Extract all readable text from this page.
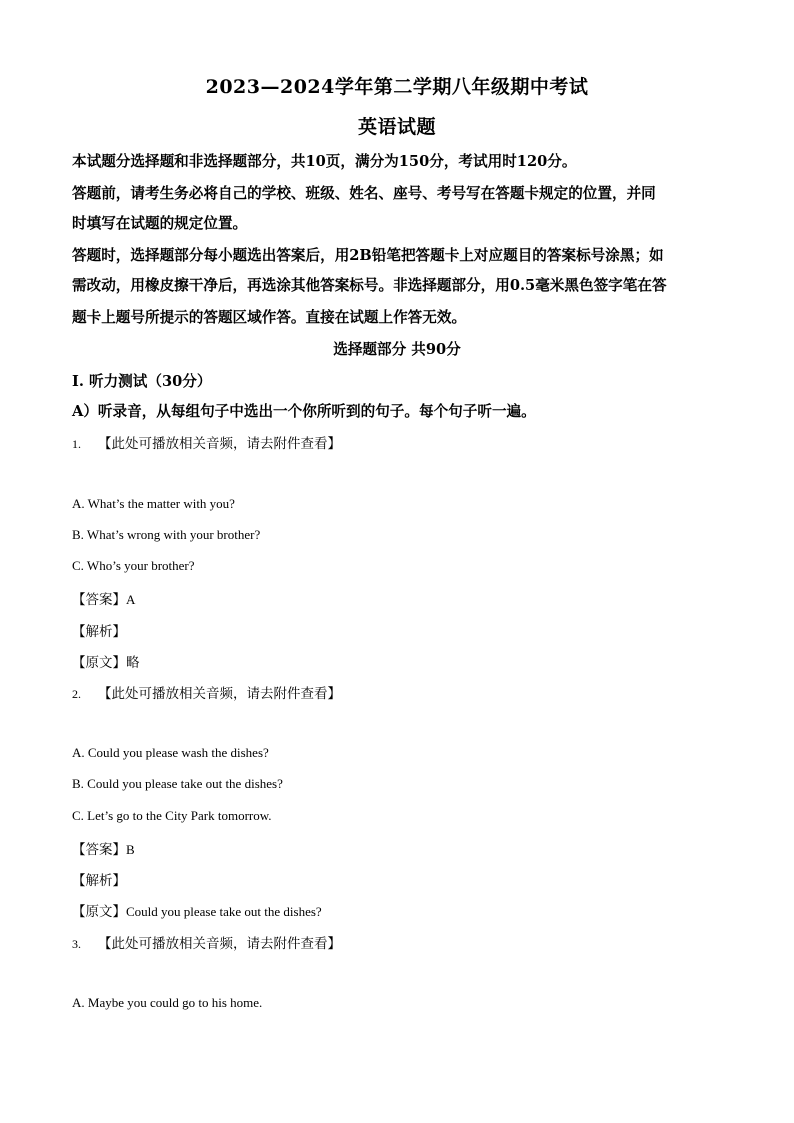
2023—2024学年第二学期八年级期中考试
英语试题
本试题分选择题和非选择题部分，共10页，满分为150分，考试用时120分。
答题前，请考生务必将自己的学校、班级、姓名、座号、考号写在答题卡规定的位置，并同
时填写在试题的规定位置。
答题时，选择题部分每小题选出答案后，用2B铅笔把答题卡上对应题目的答案标号涂黑；如
需改动，用橡皮擦干净后，再选涂其他答案标号。非选择题部分，用0.5毫米黑色签字笔在答
题卡上题号所提示的答题区域作答。直接在试题上作答无效。
选择题部分 共90分
Ⅰ. 听力测试（30分）
A）听录音，从每组句子中选出一个你所听到的句子。每个句子听一遍。
1. 【此处可播放相关音频，请去附件查看】
A. What’s the matter with you?
B. What’s wrong with your brother?
C. Who’s your brother?
【答案】A
【解析】
【原文】略
2. 【此处可播放相关音频，请去附件查看】
A. Could you please wash the dishes?
B. Could you please take out the dishes?
C. Let’s go to the City Park tomorrow.
【答案】B
【解析】
【原文】Could you please take out the dishes?
3. 【此处可播放相关音频，请去附件查看】
A. Maybe you could go to his home.
